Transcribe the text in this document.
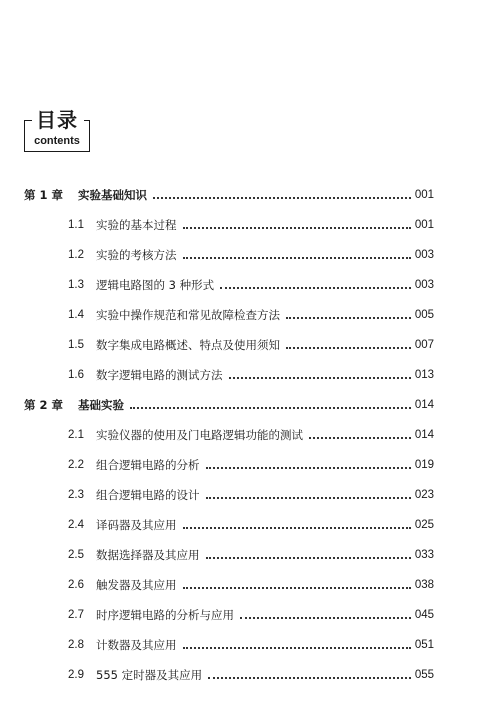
目录
contents
第 1 章	实验基础知识	001
1.1	实验的基本过程	001
1.2	实验的考核方法	003
1.3	逻辑电路图的 3 种形式	003
1.4	实验中操作规范和常见故障检查方法	005
1.5	数字集成电路概述、特点及使用须知	007
1.6	数字逻辑电路的测试方法	013
第 2 章	基础实验	014
2.1	实验仪器的使用及门电路逻辑功能的测试	014
2.2	组合逻辑电路的分析	019
2.3	组合逻辑电路的设计	023
2.4	译码器及其应用	025
2.5	数据选择器及其应用	033
2.6	触发器及其应用	038
2.7	时序逻辑电路的分析与应用	045
2.8	计数器及其应用	051
2.9	555 定时器及其应用	055
